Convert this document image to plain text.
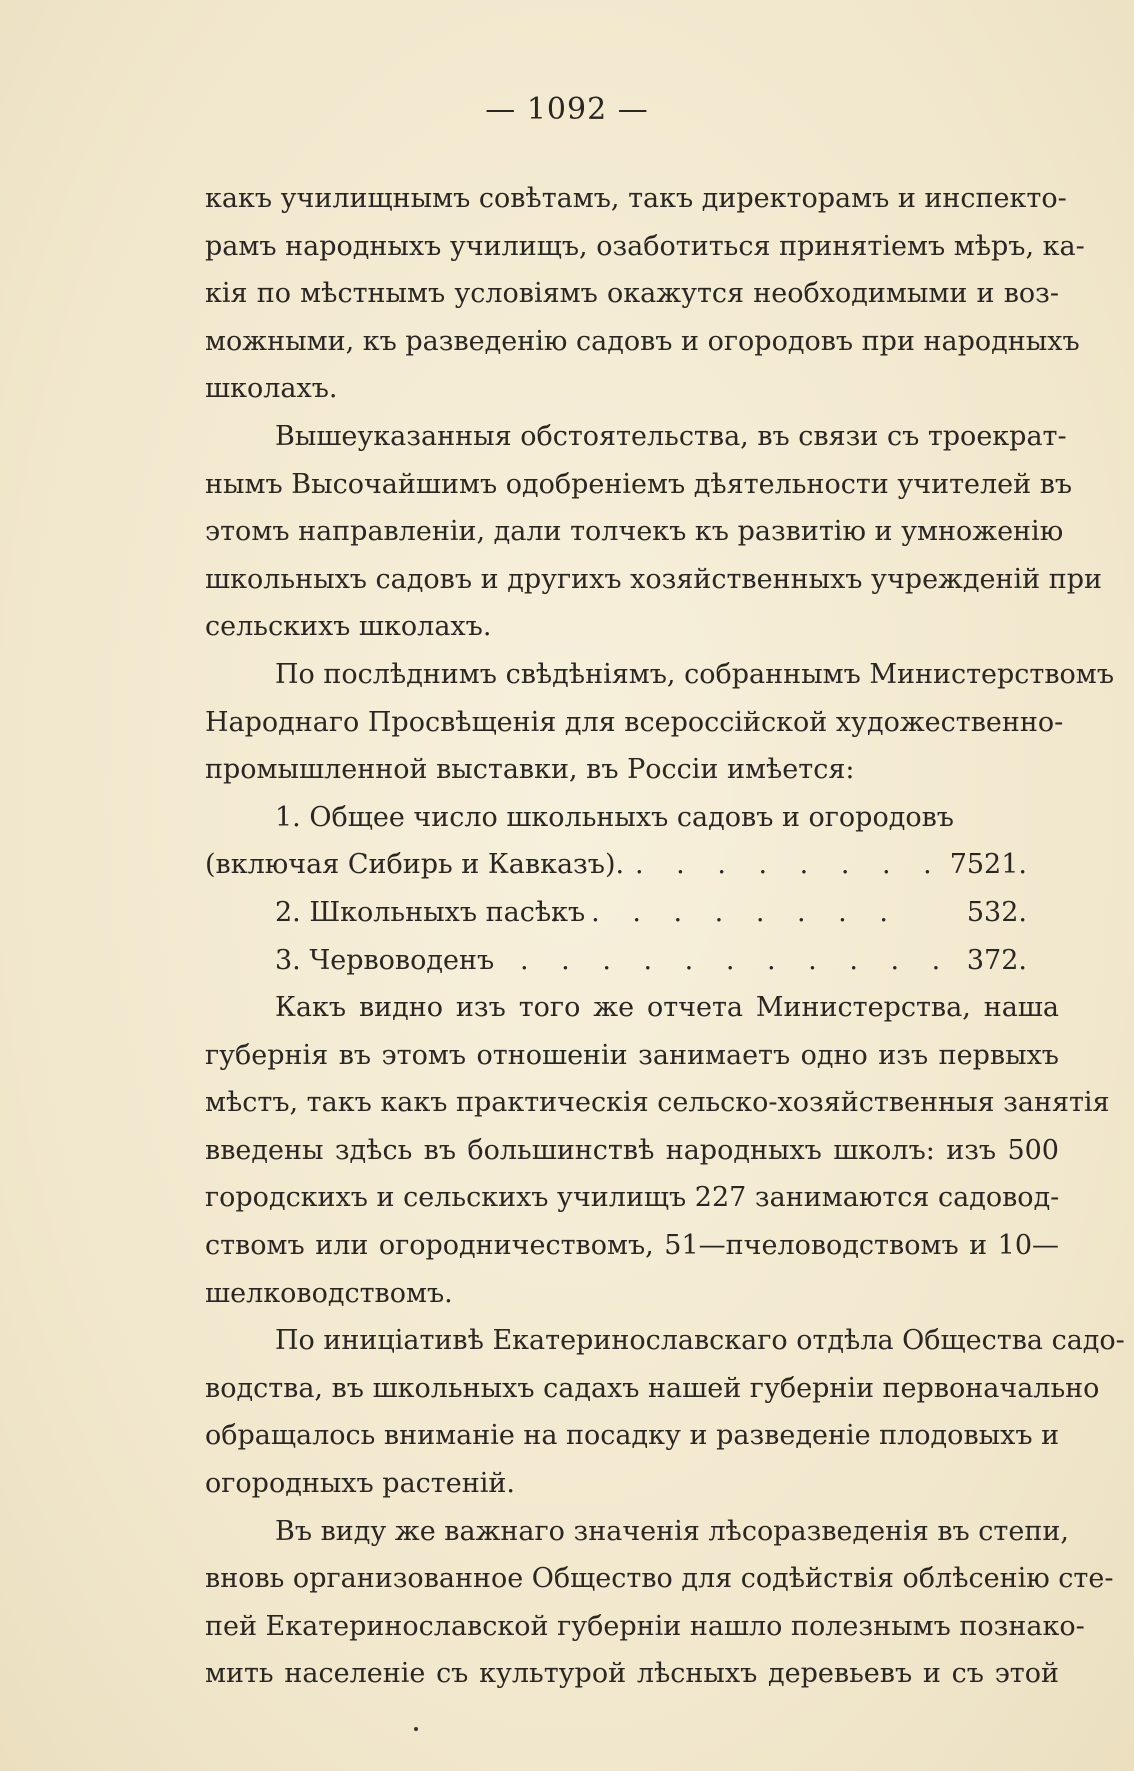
— 1092 —
какъ училищнымъ совѣтамъ, такъ директорамъ и инспекто-
рамъ народныхъ училищъ, озаботиться принятіемъ мѣръ, ка-
кія по мѣстнымъ условіямъ окажутся необходимыми и воз-
можными, къ разведенію садовъ и огородовъ при народныхъ
школахъ.
Вышеуказанныя обстоятельства, въ связи съ троекрат-
нымъ Высочайшимъ одобреніемъ дѣятельности учителей въ
этомъ направленіи, дали толчекъ къ развитію и умноженію
школьныхъ садовъ и другихъ хозяйственныхъ учрежденій при
сельскихъ школахъ.
По послѣднимъ свѣдѣніямъ, собраннымъ Министерствомъ
Народнаго Просвѣщенія для всероссійской художественно-
промышленной выставки, въ Россіи имѣется:
1. Общее число школьныхъ садовъ и огородовъ
(включая Сибирь и Кавказъ). . . . . . . . . 7521.
2. Школьныхъ пасѣкъ
. . . . . . . . . 532.
3. Червоводенъ . . . . . . . . . . . 372.
Какъ видно изъ того же отчета Министерства, наша
губернія въ этомъ отношеніи занимаетъ одно изъ первыхъ
мѣстъ, такъ какъ практическія сельско-хозяйственныя занятія
введены здѣсь въ большинствѣ народныхъ школъ: изъ 500
городскихъ и сельскихъ училищъ 227 занимаются садовод-
ствомъ или огородничествомъ, 51—пчеловодствомъ и 10—
шелководствомъ.
По иниціативѣ Екатеринославскаго отдѣла Общества садо-
водства, въ школьныхъ садахъ нашей губерніи первоначально
обращалось вниманіе на посадку и разведеніе плодовыхъ и
огородныхъ растеній.
Въ виду же важнаго значенія лѣсоразведенія въ степи,
вновь организованное Общество для содѣйствія облѣсенію сте-
пей Екатеринославской губерніи нашло полезнымъ познако-
мить населеніе съ культурой лѣсныхъ деревьевъ и съ этой
